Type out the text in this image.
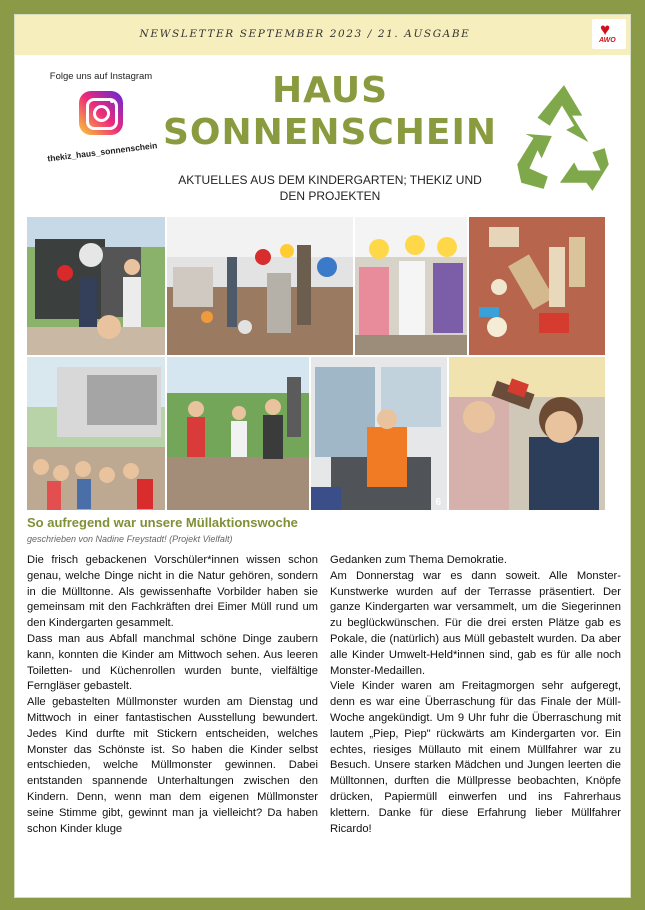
NEWSLETTER SEPTEMBER 2023 / 21. AUSGABE	♥
AWO
Folge uns auf Instagram
thekiz_haus_sonnenschein
HAUS
SONNENSCHEIN
AKTUELLES AUS DEM KINDERGARTEN; THEKIZ UND DEN PROJEKTEN
6
So aufregend war unsere Müllaktionswoche
geschrieben von Nadine Freystadt! (Projekt Vielfalt)

Die frisch gebackenen Vorschüler*innen wissen schon genau, welche Dinge nicht in die Natur gehören, sondern in die Mülltonne. Als gewissenhafte Vorbilder haben sie gemeinsam mit den Fachkräften drei Eimer Müll rund um den Kindergarten gesammelt.

Dass man aus Abfall manchmal schöne Dinge zaubern kann, konnten die Kinder am Mittwoch sehen. Aus leeren Toiletten- und Küchenrollen wurden bunte, vielfältige Ferngläser gebastelt.

Alle gebastelten Müllmonster wurden am Dienstag und Mittwoch in einer fantastischen Ausstellung bewundert. Jedes Kind durfte mit Stickern entscheiden, welches Monster das Schönste ist. So haben die Kinder selbst entschieden, welche Müllmonster gewinnen. Dabei entstanden spannende Unterhaltungen zwischen den Kindern. Denn, wenn man dem eigenen Müllmonster seine Stimme gibt, gewinnt man ja vielleicht? Da haben schon Kinder kluge

Gedanken zum Thema Demokratie.

Am Donnerstag war es dann soweit. Alle Monster-Kunstwerke wurden auf der Terrasse präsentiert. Der ganze Kindergarten war versammelt, um die Siegerinnen zu beglückwünschen. Für die drei ersten Plätze gab es Pokale, die (natürlich) aus Müll gebastelt wurden. Da aber alle Kinder Umwelt-Held*innen sind, gab es für alle noch Monster-Medaillen.

Viele Kinder waren am Freitagmorgen sehr aufgeregt, denn es war eine Überraschung für das Finale der Müll-Woche angekündigt. Um 9 Uhr fuhr die Überraschung mit lautem „Piep, Piep" rückwärts am Kindergarten vor. Ein echtes, riesiges Müllauto mit einem Müllfahrer war zu Besuch. Unsere starken Mädchen und Jungen leerten die Mülltonnen, durften die Müllpresse beobachten, Knöpfe drücken, Papiermüll einwerfen und ins Fahrerhaus klettern. Danke für diese Erfahrung lieber Müllfahrer Ricardo!
